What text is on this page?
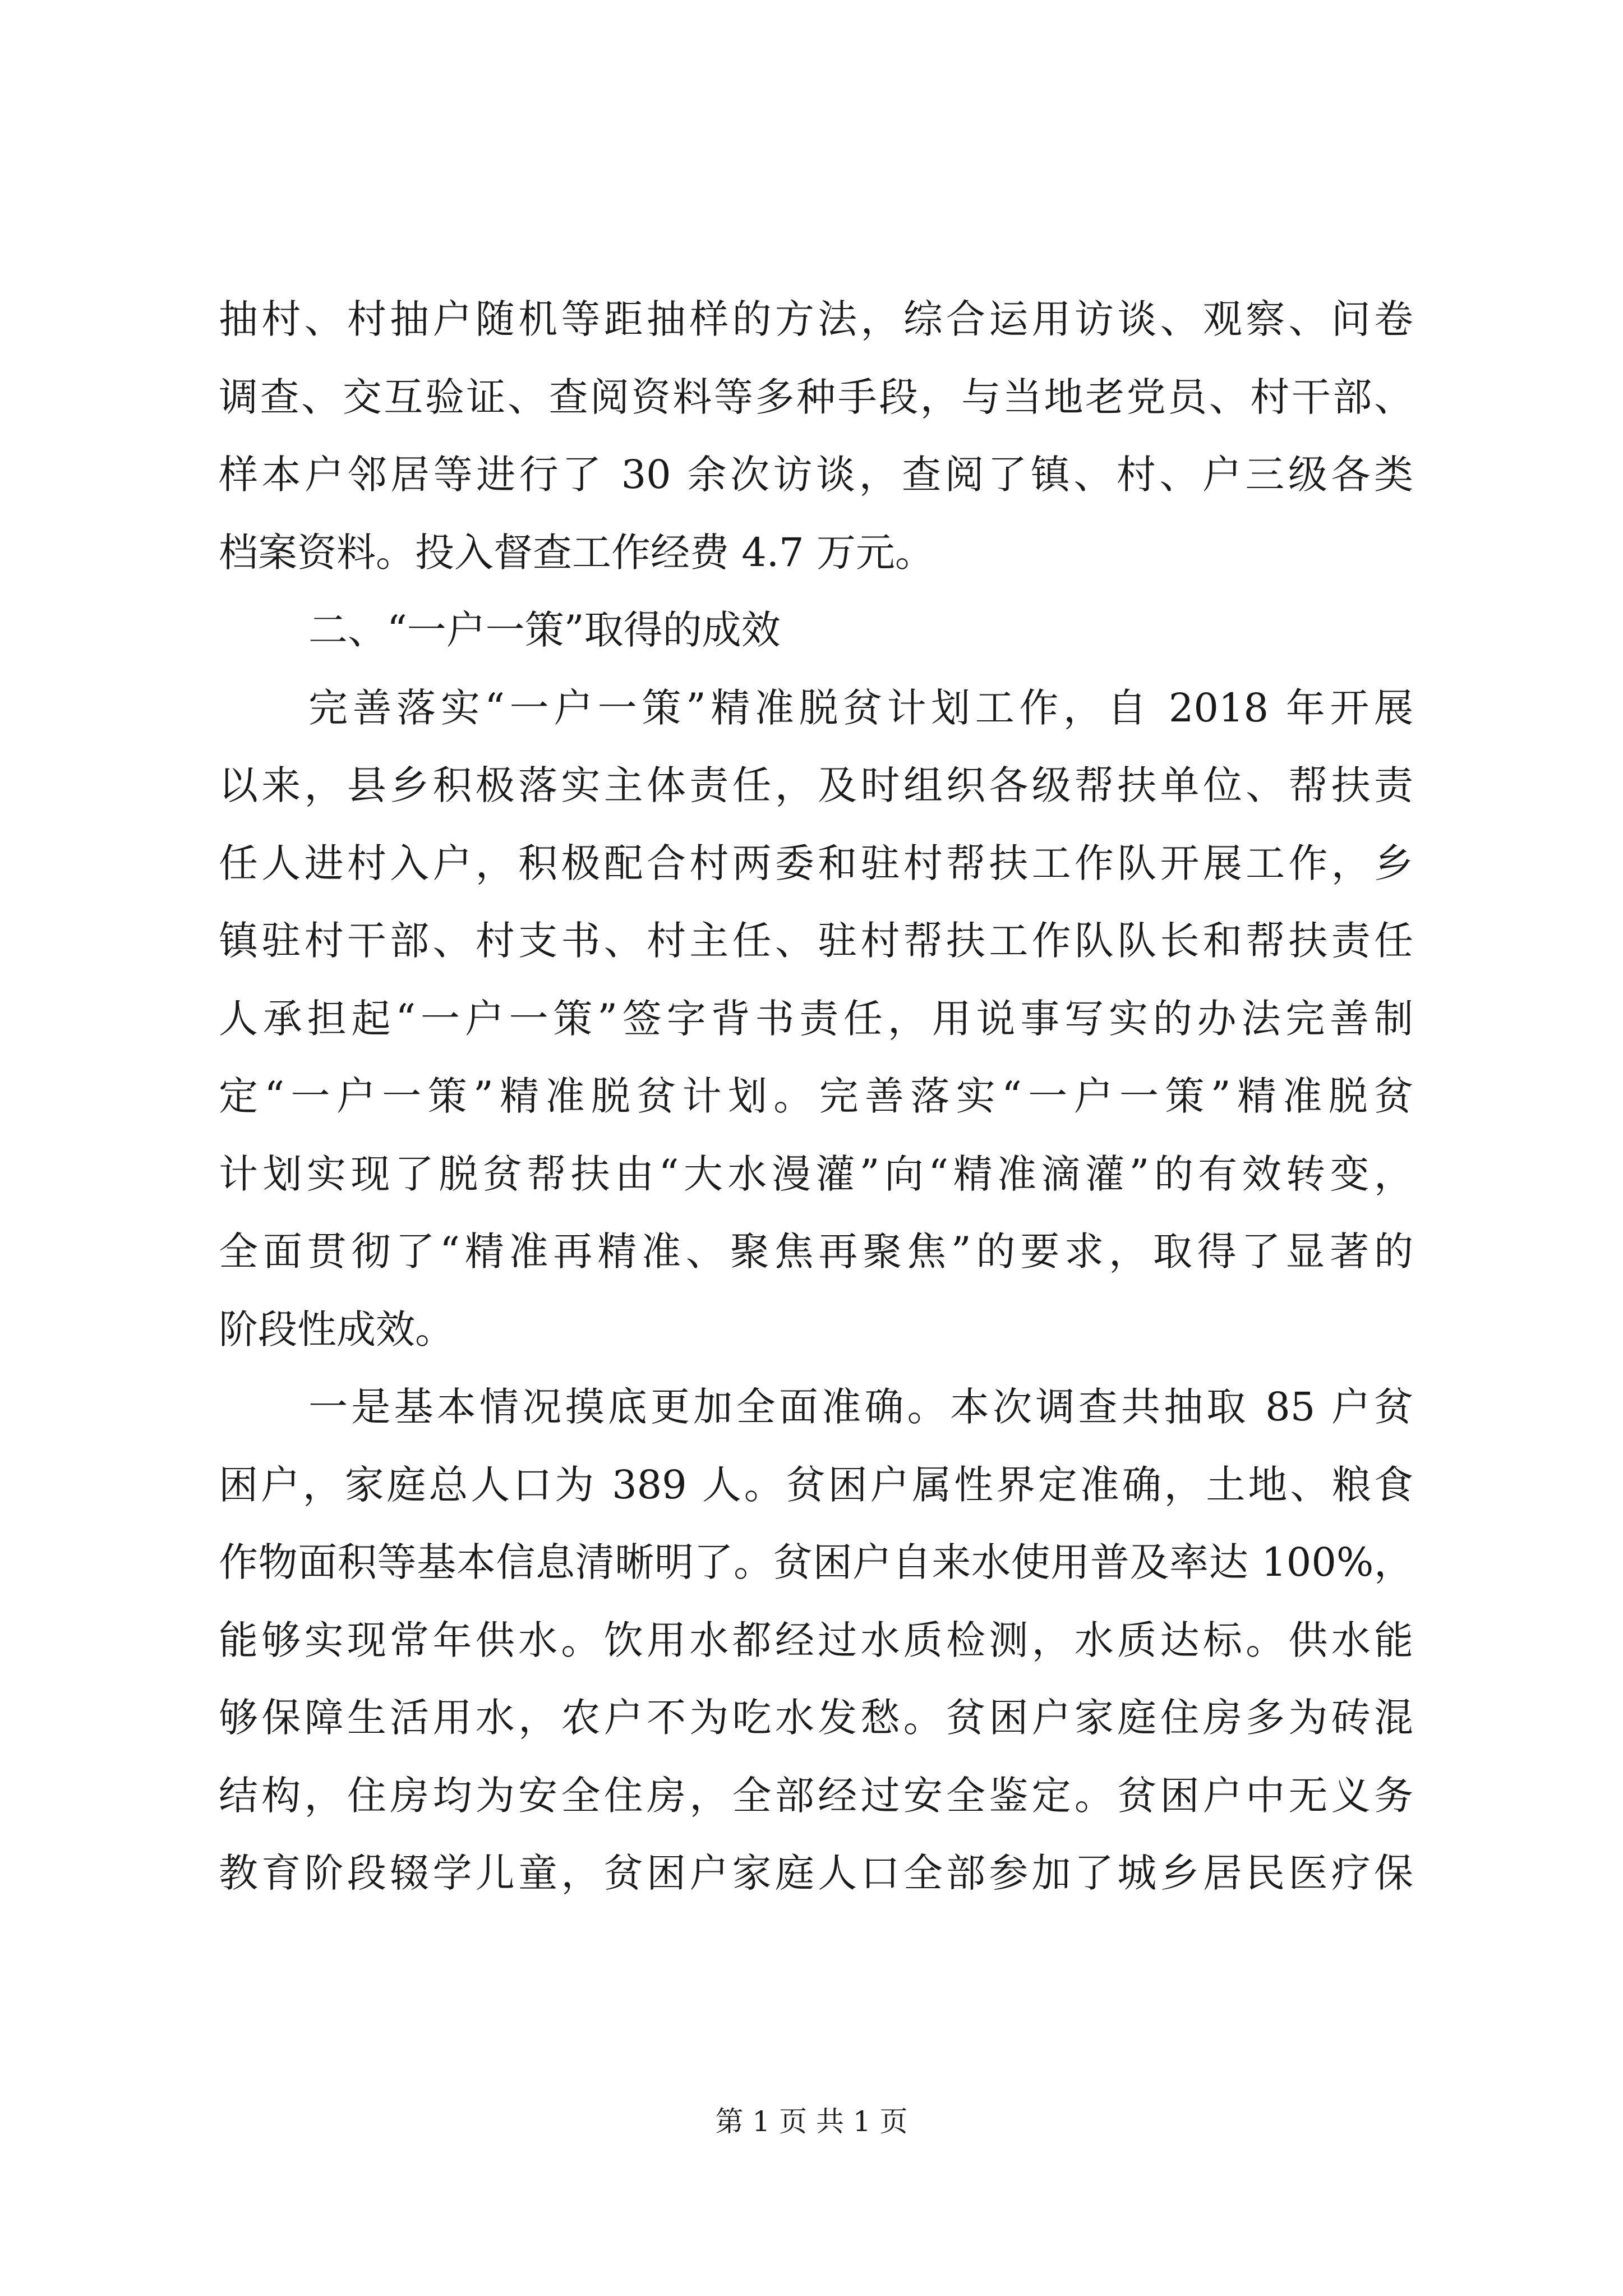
抽村、村抽户随机等距抽样的方法，综合运用访谈、观察、问卷
调查、交互验证、查阅资料等多种手段，与当地老党员、村干部、
样本户邻居等进行了 30 余次访谈，查阅了镇、村、户三级各类
档案资料。投入督查工作经费 4.7 万元。
二、“一户一策”取得的成效
完善落实“一户一策”精准脱贫计划工作，自 2018 年开展
以来，县乡积极落实主体责任，及时组织各级帮扶单位、帮扶责
任人进村入户，积极配合村两委和驻村帮扶工作队开展工作，乡
镇驻村干部、村支书、村主任、驻村帮扶工作队队长和帮扶责任
人承担起“一户一策”签字背书责任，用说事写实的办法完善制
定“一户一策”精准脱贫计划。完善落实“一户一策”精准脱贫
计划实现了脱贫帮扶由“大水漫灌”向“精准滴灌”的有效转变，
全面贯彻了“精准再精准、聚焦再聚焦”的要求，取得了显著的
阶段性成效。
一是基本情况摸底更加全面准确。本次调查共抽取 85 户贫
困户，家庭总人口为 389 人。贫困户属性界定准确，土地、粮食
作物面积等基本信息清晰明了。贫困户自来水使用普及率达 100%，
能够实现常年供水。饮用水都经过水质检测，水质达标。供水能
够保障生活用水，农户不为吃水发愁。贫困户家庭住房多为砖混
结构，住房均为安全住房，全部经过安全鉴定。贫困户中无义务
教育阶段辍学儿童，贫困户家庭人口全部参加了城乡居民医疗保
第 1 页 共 1 页
